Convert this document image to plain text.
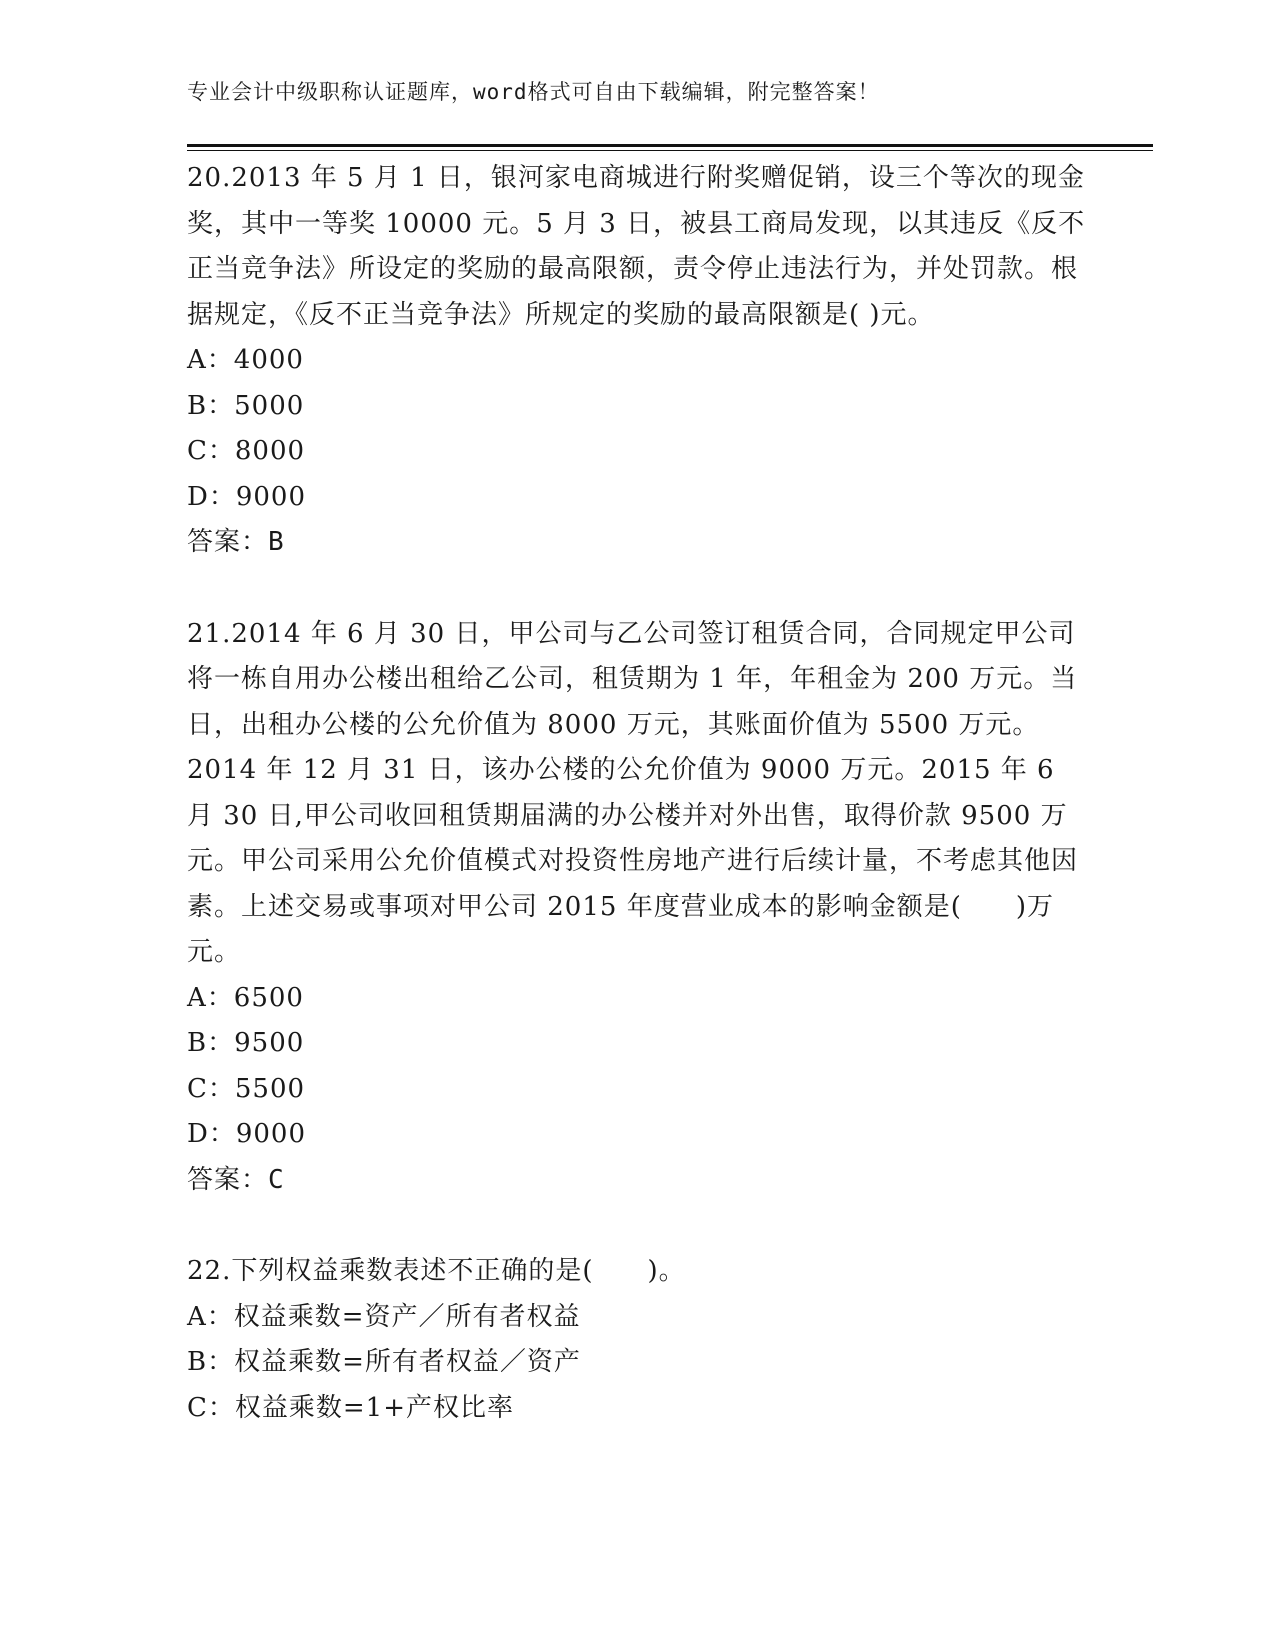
专业会计中级职称认证题库，word格式可自由下载编辑，附完整答案！

20.2013 年 5 月 1 日，银河家电商城进行附奖赠促销，设三个等次的现金奖，其中一等奖 10000 元。5 月 3 日，被县工商局发现，以其违反《反不正当竞争法》所设定的奖励的最高限额，责令停止违法行为，并处罚款。根据规定，《反不正当竞争法》所规定的奖励的最高限额是( )元。

A：4000

B：5000

C：8000

D：9000

答案：B

21.2014 年 6 月 30 日，甲公司与乙公司签订租赁合同，合同规定甲公司将一栋自用办公楼出租给乙公司，租赁期为 1 年，年租金为 200 万元。当日，出租办公楼的公允价值为 8000 万元，其账面价值为 5500 万元。2014 年 12 月 31 日，该办公楼的公允价值为 9000 万元。2015 年 6 月 30 日,甲公司收回租赁期届满的办公楼并对外出售，取得价款 9500 万元。甲公司采用公允价值模式对投资性房地产进行后续计量，不考虑其他因素。上述交易或事项对甲公司 2015 年度营业成本的影响金额是(　　)万元。

A：6500

B：9500

C：5500

D：9000

答案：C

22.下列权益乘数表述不正确的是(　　)。

A：权益乘数=资产／所有者权益

B：权益乘数=所有者权益／资产

C：权益乘数=1+产权比率
